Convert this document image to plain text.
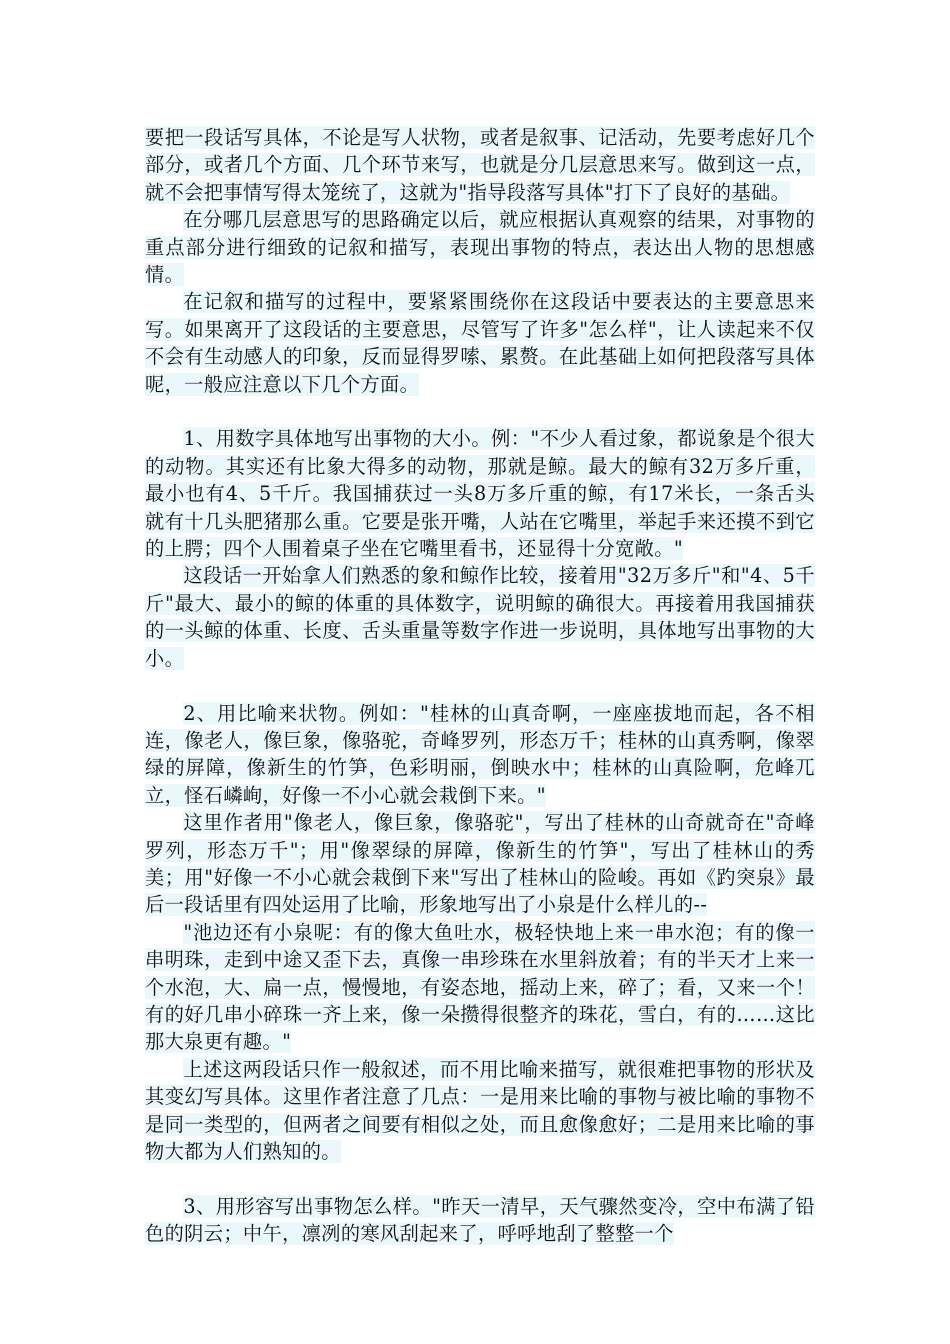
要把一段话写具体，不论是写人状物，或者是叙事、记活动，先要考虑好几个部分，或者几个方面、几个环节来写，也就是分几层意思来写。做到这一点，就不会把事情写得太笼统了，这就为"指导段落写具体"打下了良好的基础。

在分哪几层意思写的思路确定以后，就应根据认真观察的结果，对事物的重点部分进行细致的记叙和描写，表现出事物的特点，表达出人物的思想感情。

在记叙和描写的过程中，要紧紧围绕你在这段话中要表达的主要意思来写。如果离开了这段话的主要意思，尽管写了许多"怎么样"，让人读起来不仅不会有生动感人的印象，反而显得罗嗦、累赘。在此基础上如何把段落写具体呢，一般应注意以下几个方面。

1、用数字具体地写出事物的大小。例："不少人看过象，都说象是个很大的动物。其实还有比象大得多的动物，那就是鲸。最大的鲸有32万多斤重，最小也有4、5千斤。我国捕获过一头8万多斤重的鲸，有17米长，一条舌头就有十几头肥猪那么重。它要是张开嘴，人站在它嘴里，举起手来还摸不到它的上腭；四个人围着桌子坐在它嘴里看书，还显得十分宽敞。"

这段话一开始拿人们熟悉的象和鲸作比较，接着用"32万多斤"和"4、5千斤"最大、最小的鲸的体重的具体数字，说明鲸的确很大。再接着用我国捕获的一头鲸的体重、长度、舌头重量等数字作进一步说明，具体地写出事物的大小。

2、用比喻来状物。例如："桂林的山真奇啊，一座座拔地而起，各不相连，像老人，像巨象，像骆驼，奇峰罗列，形态万千；桂林的山真秀啊，像翠绿的屏障，像新生的竹笋，色彩明丽，倒映水中；桂林的山真险啊，危峰兀立，怪石嶙峋，好像一不小心就会栽倒下来。"

这里作者用"像老人，像巨象，像骆驼"，写出了桂林的山奇就奇在"奇峰罗列，形态万千"；用"像翠绿的屏障，像新生的竹笋"，写出了桂林山的秀美；用"好像一不小心就会栽倒下来"写出了桂林山的险峻。再如《趵突泉》最后一段话里有四处运用了比喻，形象地写出了小泉是什么样儿的--

"池边还有小泉呢：有的像大鱼吐水，极轻快地上来一串水泡；有的像一串明珠，走到中途又歪下去，真像一串珍珠在水里斜放着；有的半天才上来一个水泡，大、扁一点，慢慢地，有姿态地，摇动上来，碎了；看，又来一个！有的好几串小碎珠一齐上来，像一朵攒得很整齐的珠花，雪白，有的……这比那大泉更有趣。"

上述这两段话只作一般叙述，而不用比喻来描写，就很难把事物的形状及其变幻写具体。这里作者注意了几点：一是用来比喻的事物与被比喻的事物不是同一类型的，但两者之间要有相似之处，而且愈像愈好；二是用来比喻的事物大都为人们熟知的。

3、用形容写出事物怎么样。"昨天一清早，天气骤然变冷，空中布满了铅色的阴云；中午，凛冽的寒风刮起来了，呼呼地刮了整整一个
